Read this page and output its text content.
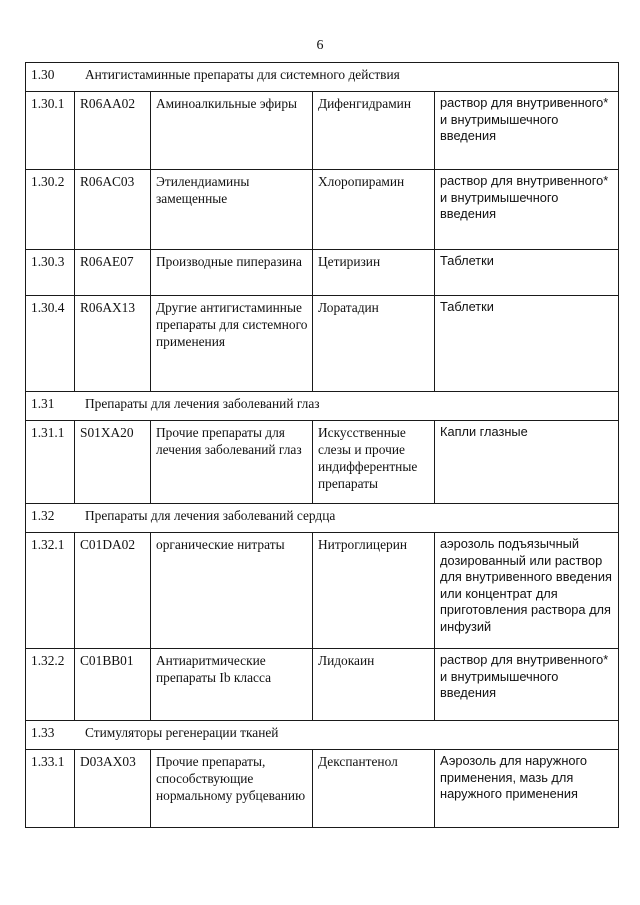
6
1.30 Антигистаминные препараты для системного действия				
1.30.1	R06AA02	Аминоалкильные эфиры	Дифенгидрамин	раствор для внутривенного* и внутримышечного введения
1.30.2	R06AC03	Этилендиамины замещенные	Хлоропирамин	раствор для внутривенного* и внутримышечного введения
1.30.3	R06AE07	Производные пиперазина	Цетиризин	Таблетки
1.30.4	R06AX13	Другие антигистаминные препараты для системного применения	Лоратадин	Таблетки
1.31 Препараты для лечения заболеваний глаз				
1.31.1	S01XA20	Прочие препараты для лечения заболеваний глаз	Искусственные слезы и прочие индифферентные препараты	Капли глазные
1.32 Препараты для лечения заболеваний сердца				
1.32.1	C01DA02	органические нитраты	Нитроглицерин	аэрозоль подъязычный дозированный или раствор для внутривенного введения или концентрат для приготовления раствора для инфузий
1.32.2	C01BB01	Антиаритмические препараты Ib класса	Лидокаин	раствор для внутривенного* и внутримышечного введения
1.33 Стимуляторы регенерации тканей				
1.33.1	D03AX03	Прочие препараты, способствующие нормальному рубцеванию	Декспантенол	Аэрозоль для наружного применения, мазь для наружного применения
